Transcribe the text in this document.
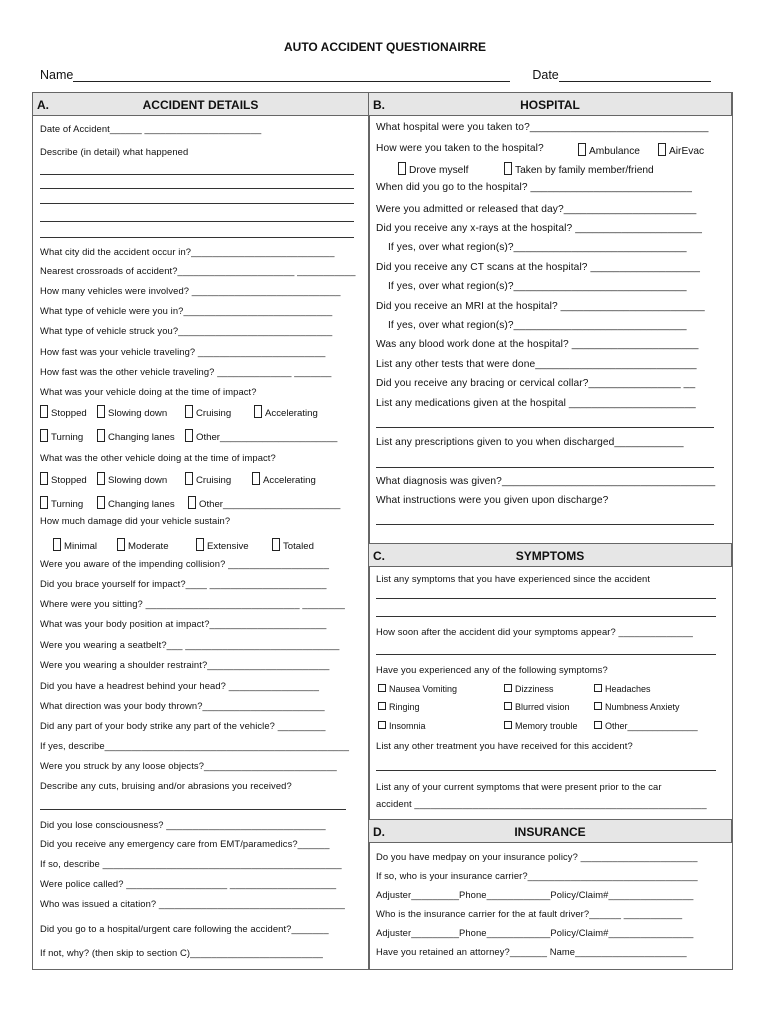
AUTO ACCIDENT QUESTIONAIRRE
Name	Date
A.	ACCIDENT DETAILS	B.	HOSPITAL
C.	SYMPTOMS
D.	INSURANCE
Date of Accident______ ______________________
Describe (in detail) what happened
What city did the accident occur in?___________________________
Nearest crossroads of accident?______________________ ___________
How many vehicles were involved? ____________________________
What type of vehicle were you in?____________________________
What type of vehicle struck you?_____________________________
How fast was your vehicle traveling? ________________________
How fast was the other vehicle traveling? ______________ _______
What was your vehicle doing at the time of impact?
Stopped	Slowing down	Cruising	Accelerating
Turning	Changing lanes	Other______________________
What was the other vehicle doing at the time of impact?
Stopped	Slowing down	Cruising	Accelerating
Turning	Changing lanes	Other______________________
How much damage did your vehicle sustain?
Minimal	Moderate	Extensive	Totaled
Were you aware of the impending collision? ___________________
Did you brace yourself for impact?____ ______________________
Where were you sitting? _____________________________ ________
What was your body position at impact?______________________
Were you wearing a seatbelt?___ _____________________________
Were you wearing a shoulder restraint?_______________________
Did you have a headrest behind your head? _________________
What direction was your body thrown?_______________________
Did any part of your body strike any part of the vehicle? _________
If yes, describe______________________________________________
Were you struck by any loose objects?_________________________
Describe any cuts, bruising and/or abrasions you received?
Did you lose consciousness? ______________________________
Did you receive any emergency care from EMT/paramedics?______
If so, describe _____________________________________________
Were police called? ___________________ ____________________
Who was issued a citation? ___________________________________
Did you go to a hospital/urgent care following the accident?_______
If not, why? (then skip to section C)_________________________
What hospital were you taken to?_______________________________
How were you taken to the hospital?	Ambulance	AirEvac
Drove myself	Taken by family member/friend
When did you go to the hospital? ____________________________
Were you admitted or released that day?_______________________
Did you receive any x-rays at the hospital? ______________________
If yes, over what region(s)?______________________________
Did you receive any CT scans at the hospital? ___________________
If yes, over what region(s)?______________________________
Did you receive an MRI at the hospital? _________________________
If yes, over what region(s)?______________________________
Was any blood work done at the hospital? ______________________
List any other tests that were done____________________________
Did you receive any bracing or cervical collar?________________ __
List any medications given at the hospital ______________________
List any prescriptions given to you when discharged____________
What diagnosis was given?_____________________________________
What instructions were you given upon discharge?
List any symptoms that you have experienced since the accident
How soon after the accident did your symptoms appear? ______________
Have you experienced any of the following symptoms?
Nausea Vomiting	Dizziness	Headaches
Ringing	Blurred vision	Numbness Anxiety
Insomnia	Memory trouble	Other______________
List any other treatment you have received for this accident?
List any of your current symptoms that were present prior to the car
accident _______________________________________________________
Do you have medpay on your insurance policy? ______________________
If so, who is your insurance carrier?________________________________
Adjuster_________Phone____________Policy/Claim#________________
Who is the insurance carrier for the at fault driver?______ ___________
Adjuster_________Phone____________Policy/Claim#________________
Have you retained an attorney?_______ Name_____________________
